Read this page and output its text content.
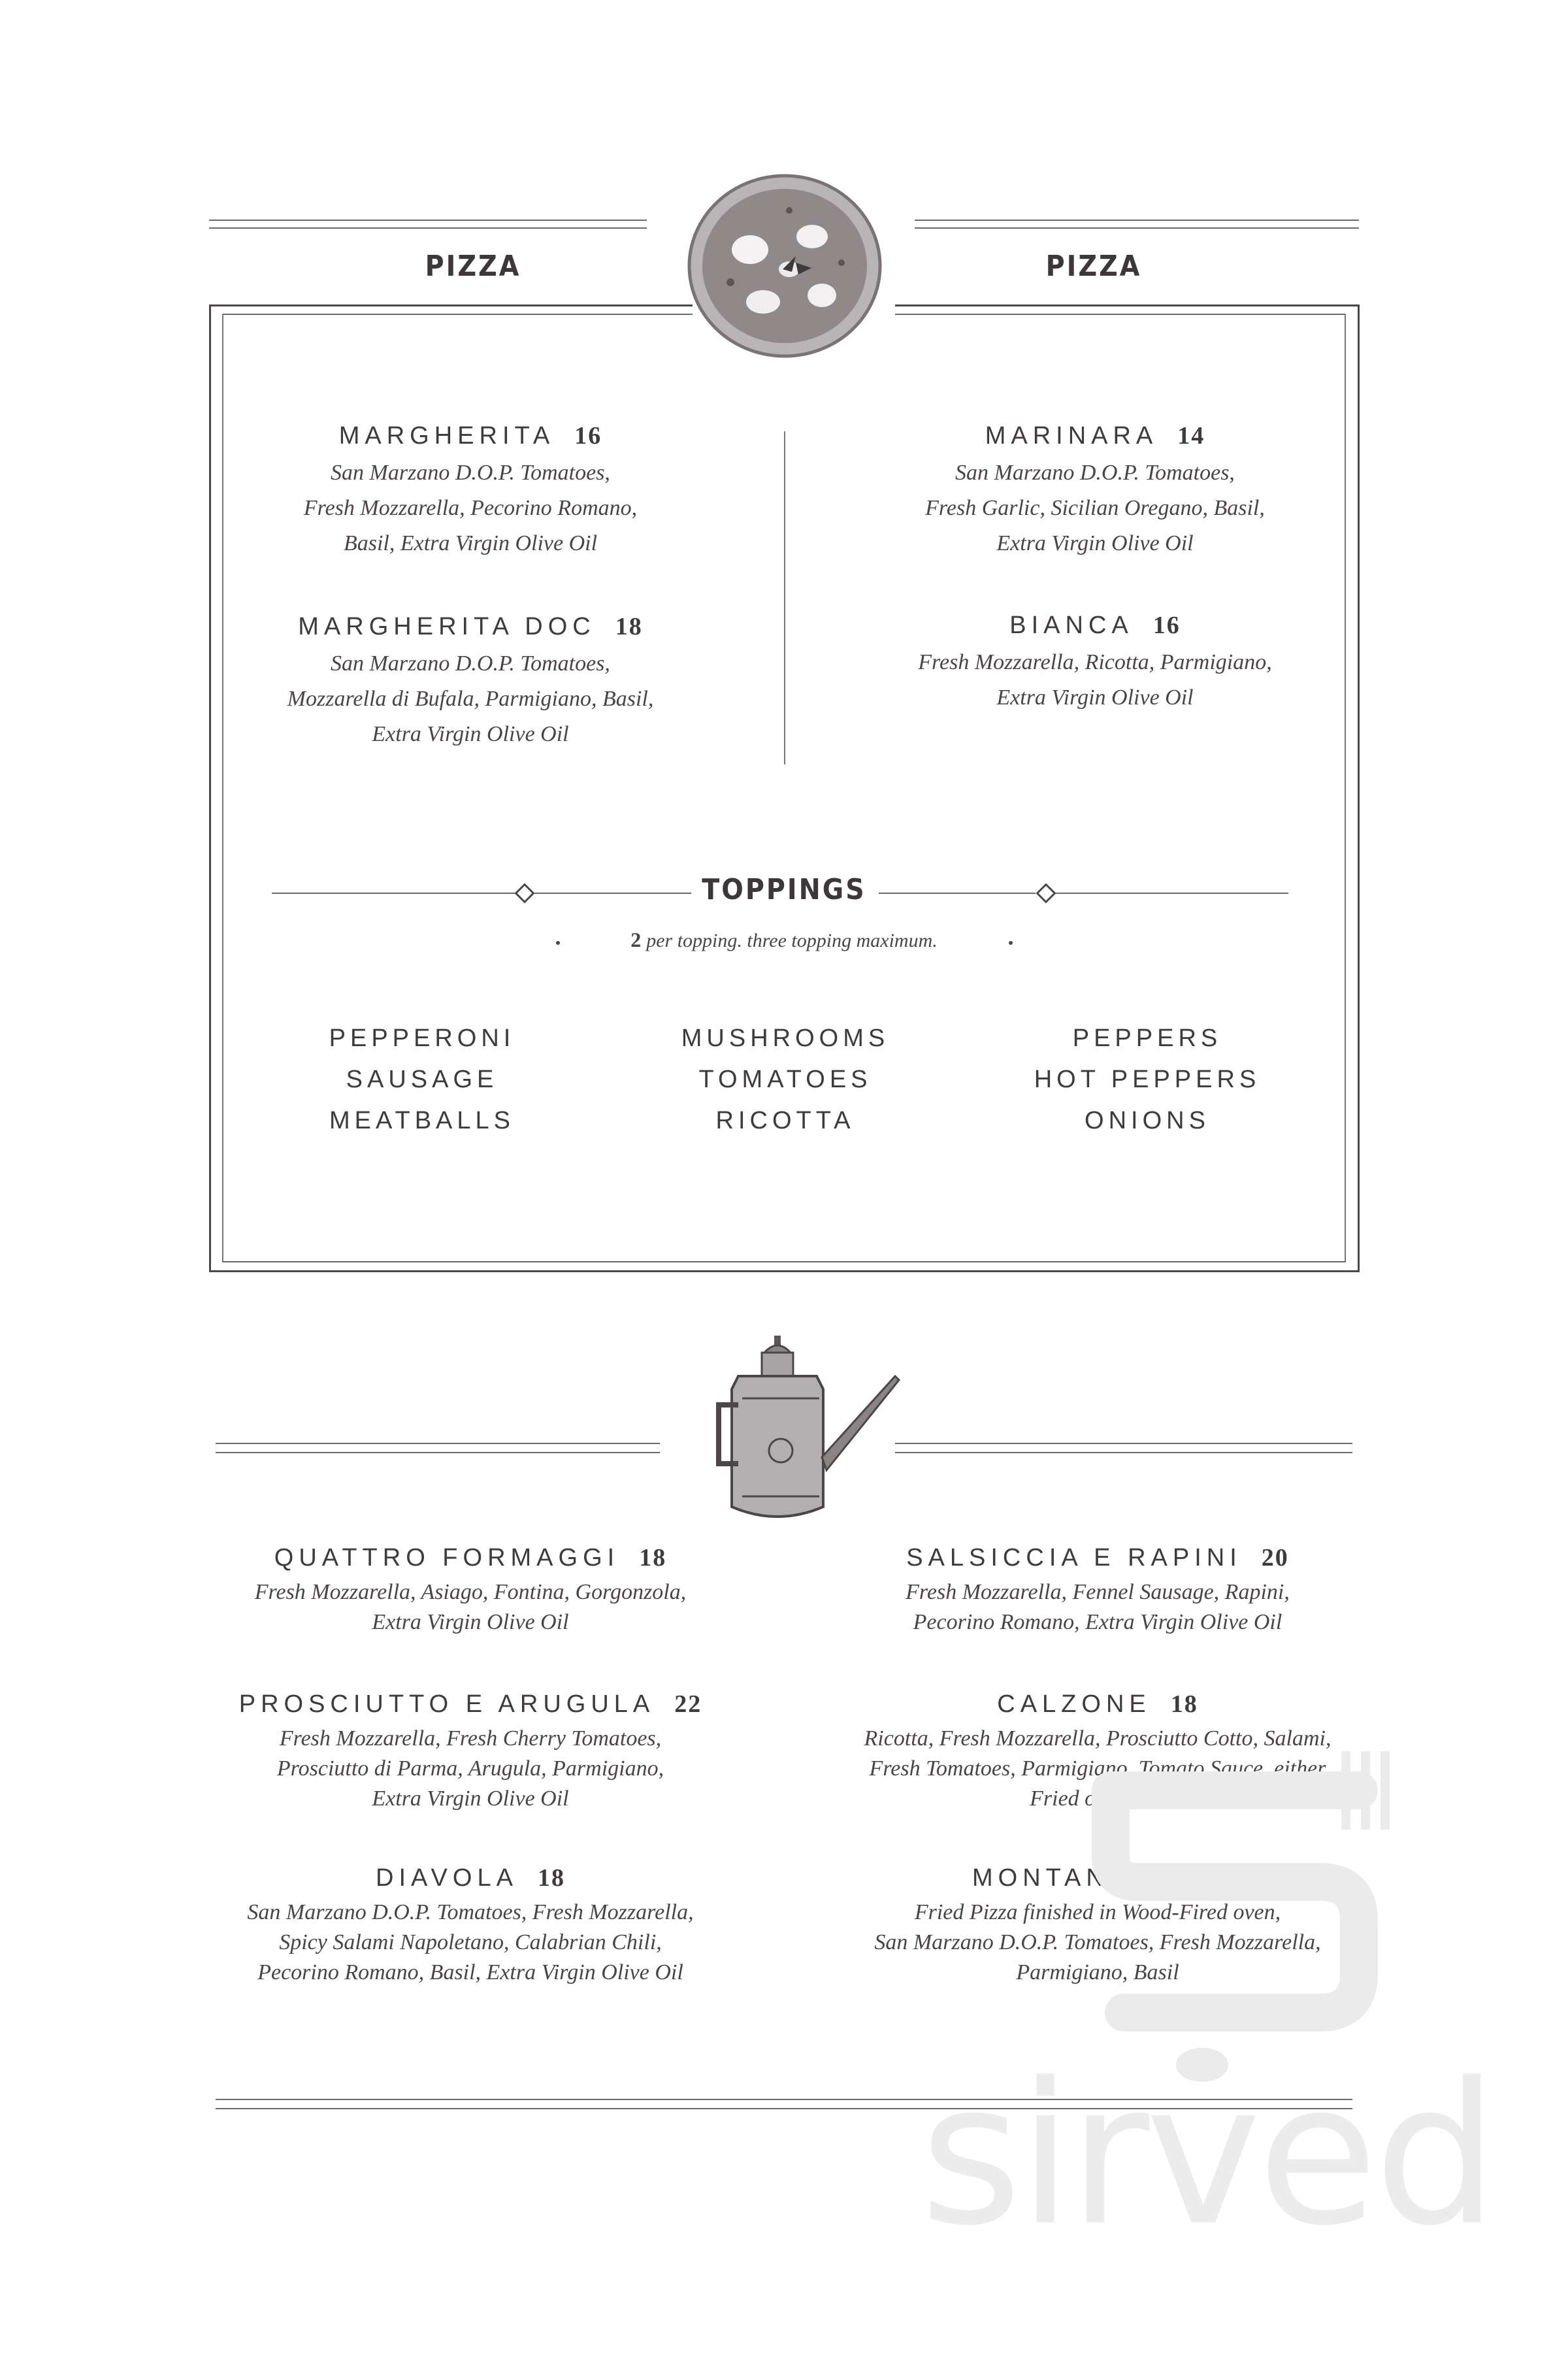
PIZZA	PIZZA
MARGHERITA 16
San Marzano D.O.P. Tomatoes,
Fresh Mozzarella, Pecorino Romano,
Basil, Extra Virgin Olive Oil
MARGHERITA DOC 18
San Marzano D.O.P. Tomatoes,
Mozzarella di Bufala, Parmigiano, Basil,
Extra Virgin Olive Oil
MARINARA 14
San Marzano D.O.P. Tomatoes,
Fresh Garlic, Sicilian Oregano, Basil,
Extra Virgin Olive Oil
BIANCA 16
Fresh Mozzarella, Ricotta, Parmigiano,
Extra Virgin Olive Oil
TOPPINGS
2 per topping. three topping maximum.
PEPPERONI
SAUSAGE
MEATBALLS
MUSHROOMS
TOMATOES
RICOTTA
PEPPERS
HOT PEPPERS
ONIONS
QUATTRO FORMAGGI 18
Fresh Mozzarella, Asiago, Fontina, Gorgonzola,
Extra Virgin Olive Oil
PROSCIUTTO E ARUGULA 22
Fresh Mozzarella, Fresh Cherry Tomatoes,
Prosciutto di Parma, Arugula, Parmigiano,
Extra Virgin Olive Oil
DIAVOLA 18
San Marzano D.O.P. Tomatoes, Fresh Mozzarella,
Spicy Salami Napoletano, Calabrian Chili,
Pecorino Romano, Basil, Extra Virgin Olive Oil
SALSICCIA E RAPINI 20
Fresh Mozzarella, Fennel Sausage, Rapini,
Pecorino Romano, Extra Virgin Olive Oil
CALZONE 18
Ricotta, Fresh Mozzarella, Prosciutto Cotto, Salami,
Fresh Tomatoes, Parmigiano, Tomato Sauce, either
Fried or Baked
MONTANARA 16
Fried Pizza finished in Wood-Fired oven,
San Marzano D.O.P. Tomatoes, Fresh Mozzarella,
Parmigiano, Basil
sirved
